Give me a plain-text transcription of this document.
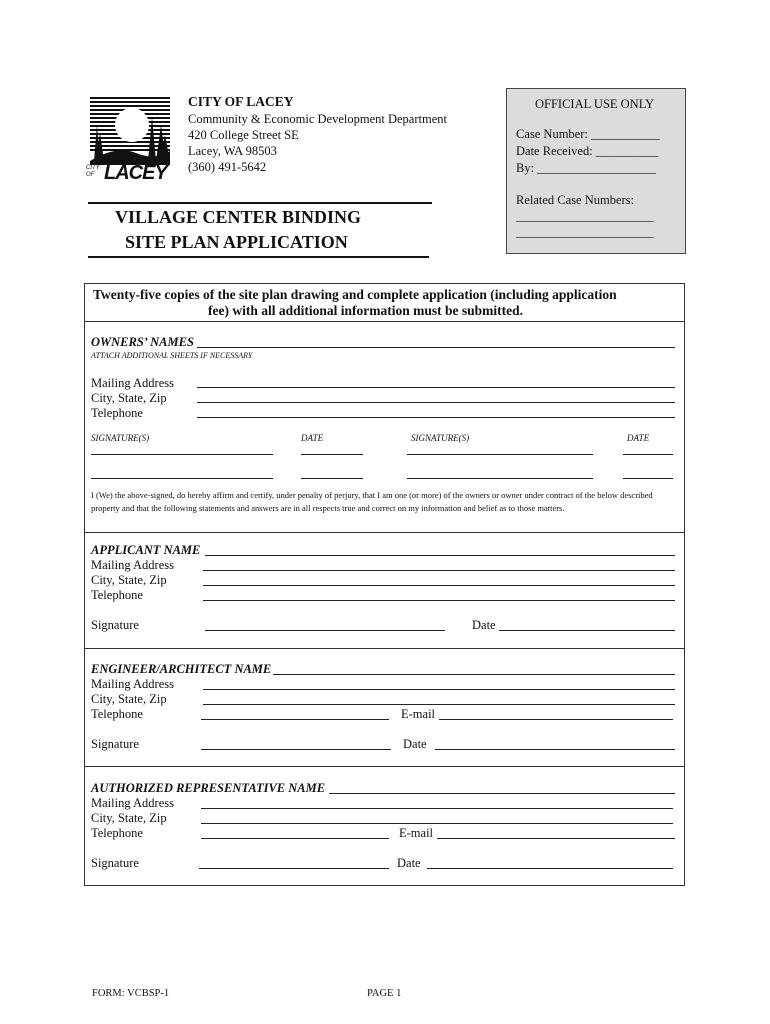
CITY OF LACEY
CITY OF LACEY
Community & Economic Development Department
420 College Street SE
Lacey, WA 98503
(360) 491-5642
VILLAGE CENTER BINDING
SITE PLAN APPLICATION
OFFICIAL USE ONLY
Case Number: ___________
Date Received: __________
By: ___________________
Related Case Numbers:
______________________
______________________
Twenty-five copies of the site plan drawing and complete application (including application
fee) with all additional information must be submitted.
OWNERS’ NAMES
ATTACH ADDITIONAL SHEETS IF NECESSARY
Mailing Address
City, State, Zip
Telephone
SIGNATURE(S)	DATE	SIGNATURE(S)	DATE
I (We) the above-signed, do hereby affirm and certify, under penalty of perjury, that I am one (or more) of the owners or owner under contract of the below described property and that the following statements and answers are in all respects true and correct on my information and belief as to those matters.
APPLICANT NAME
Mailing Address
City, State, Zip
Telephone
Signature	Date
ENGINEER/ARCHITECT NAME
Mailing Address
City, State, Zip
Telephone	E-mail
Signature	Date
AUTHORIZED REPRESENTATIVE NAME
Mailing Address
City, State, Zip
Telephone	E-mail
Signature	Date
FORM: VCBSP-1	PAGE 1
